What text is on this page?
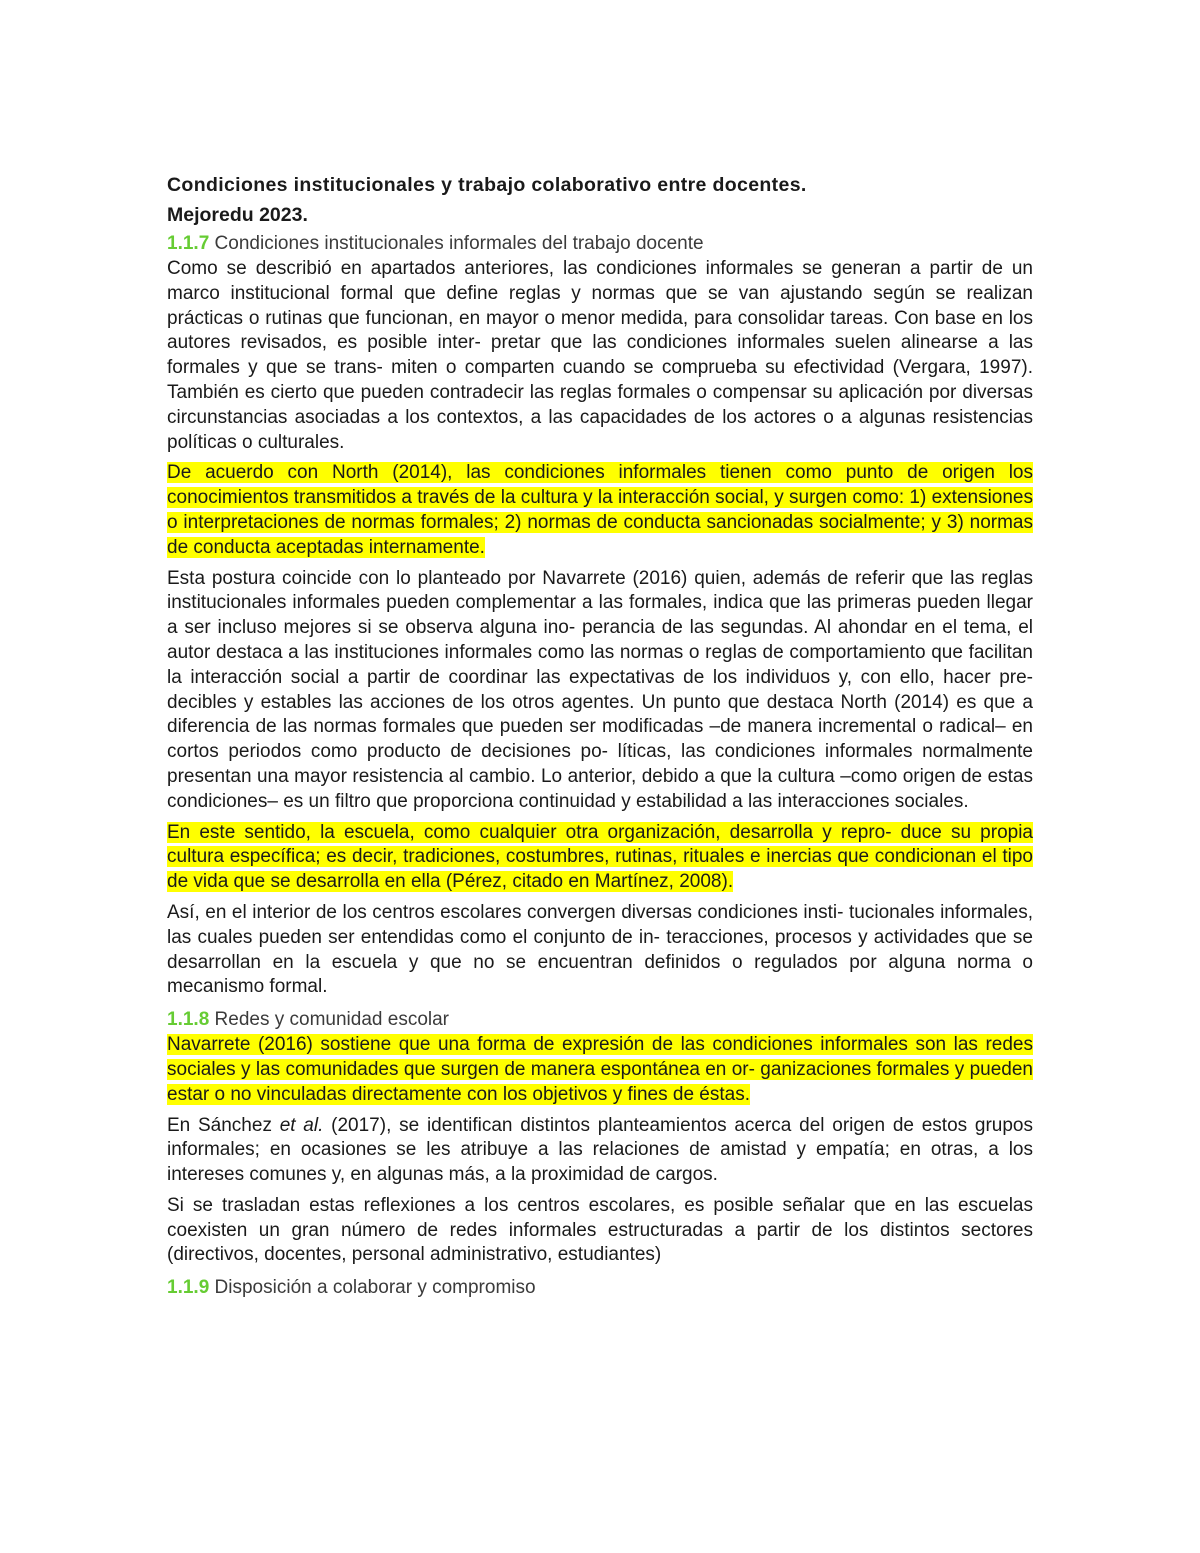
Condiciones institucionales y trabajo colaborativo entre docentes.
Mejoredu 2023.
1.1.7 Condiciones institucionales informales del trabajo docente

Como se describió en apartados anteriores, las condiciones informales se generan a partir de un marco institucional formal que define reglas y normas que se van ajustando según se realizan prácticas o rutinas que funcionan, en mayor o menor medida, para consolidar tareas. Con base en los autores revisados, es posible inter- pretar que las condiciones informales suelen alinearse a las formales y que se trans- miten o comparten cuando se comprueba su efectividad (Vergara, 1997). También es cierto que pueden contradecir las reglas formales o compensar su aplicación por diversas circunstancias asociadas a los contextos, a las capacidades de los actores o a algunas resistencias políticas o culturales.

De acuerdo con North (2014), las condiciones informales tienen como punto de origen los conocimientos transmitidos a través de la cultura y la interacción social, y surgen como: 1) extensiones o interpretaciones de normas formales; 2) normas de conducta sancionadas socialmente; y 3) normas de conducta aceptadas internamente.

Esta postura coincide con lo planteado por Navarrete (2016) quien, además de referir que las reglas institucionales informales pueden complementar a las formales, indica que las primeras pueden llegar a ser incluso mejores si se observa alguna ino- perancia de las segundas. Al ahondar en el tema, el autor destaca a las instituciones informales como las normas o reglas de comportamiento que facilitan la interacción social a partir de coordinar las expectativas de los individuos y, con ello, hacer pre- decibles y estables las acciones de los otros agentes. Un punto que destaca North (2014) es que a diferencia de las normas formales que pueden ser modificadas –de manera incremental o radical– en cortos periodos como producto de decisiones po- líticas, las condiciones informales normalmente presentan una mayor resistencia al cambio. Lo anterior, debido a que la cultura –como origen de estas condiciones– es un filtro que proporciona continuidad y estabilidad a las interacciones sociales.

En este sentido, la escuela, como cualquier otra organización, desarrolla y repro- duce su propia cultura específica; es decir, tradiciones, costumbres, rutinas, rituales e inercias que condicionan el tipo de vida que se desarrolla en ella (Pérez, citado en Martínez, 2008).

Así, en el interior de los centros escolares convergen diversas condiciones insti- tucionales informales, las cuales pueden ser entendidas como el conjunto de in- teracciones, procesos y actividades que se desarrollan en la escuela y que no se encuentran definidos o regulados por alguna norma o mecanismo formal.

1.1.8 Redes y comunidad escolar

Navarrete (2016) sostiene que una forma de expresión de las condiciones informales son las redes sociales y las comunidades que surgen de manera espontánea en or- ganizaciones formales y pueden estar o no vinculadas directamente con los objetivos y fines de éstas.

En Sánchez et al. (2017), se identifican distintos planteamientos acerca del origen de estos grupos informales; en ocasiones se les atribuye a las relaciones de amistad y empatía; en otras, a los intereses comunes y, en algunas más, a la proximidad de cargos.

Si se trasladan estas reflexiones a los centros escolares, es posible señalar que en las escuelas coexisten un gran número de redes informales estructuradas a partir de los distintos sectores (directivos, docentes, personal administrativo, estudiantes)

1.1.9 Disposición a colaborar y compromiso
